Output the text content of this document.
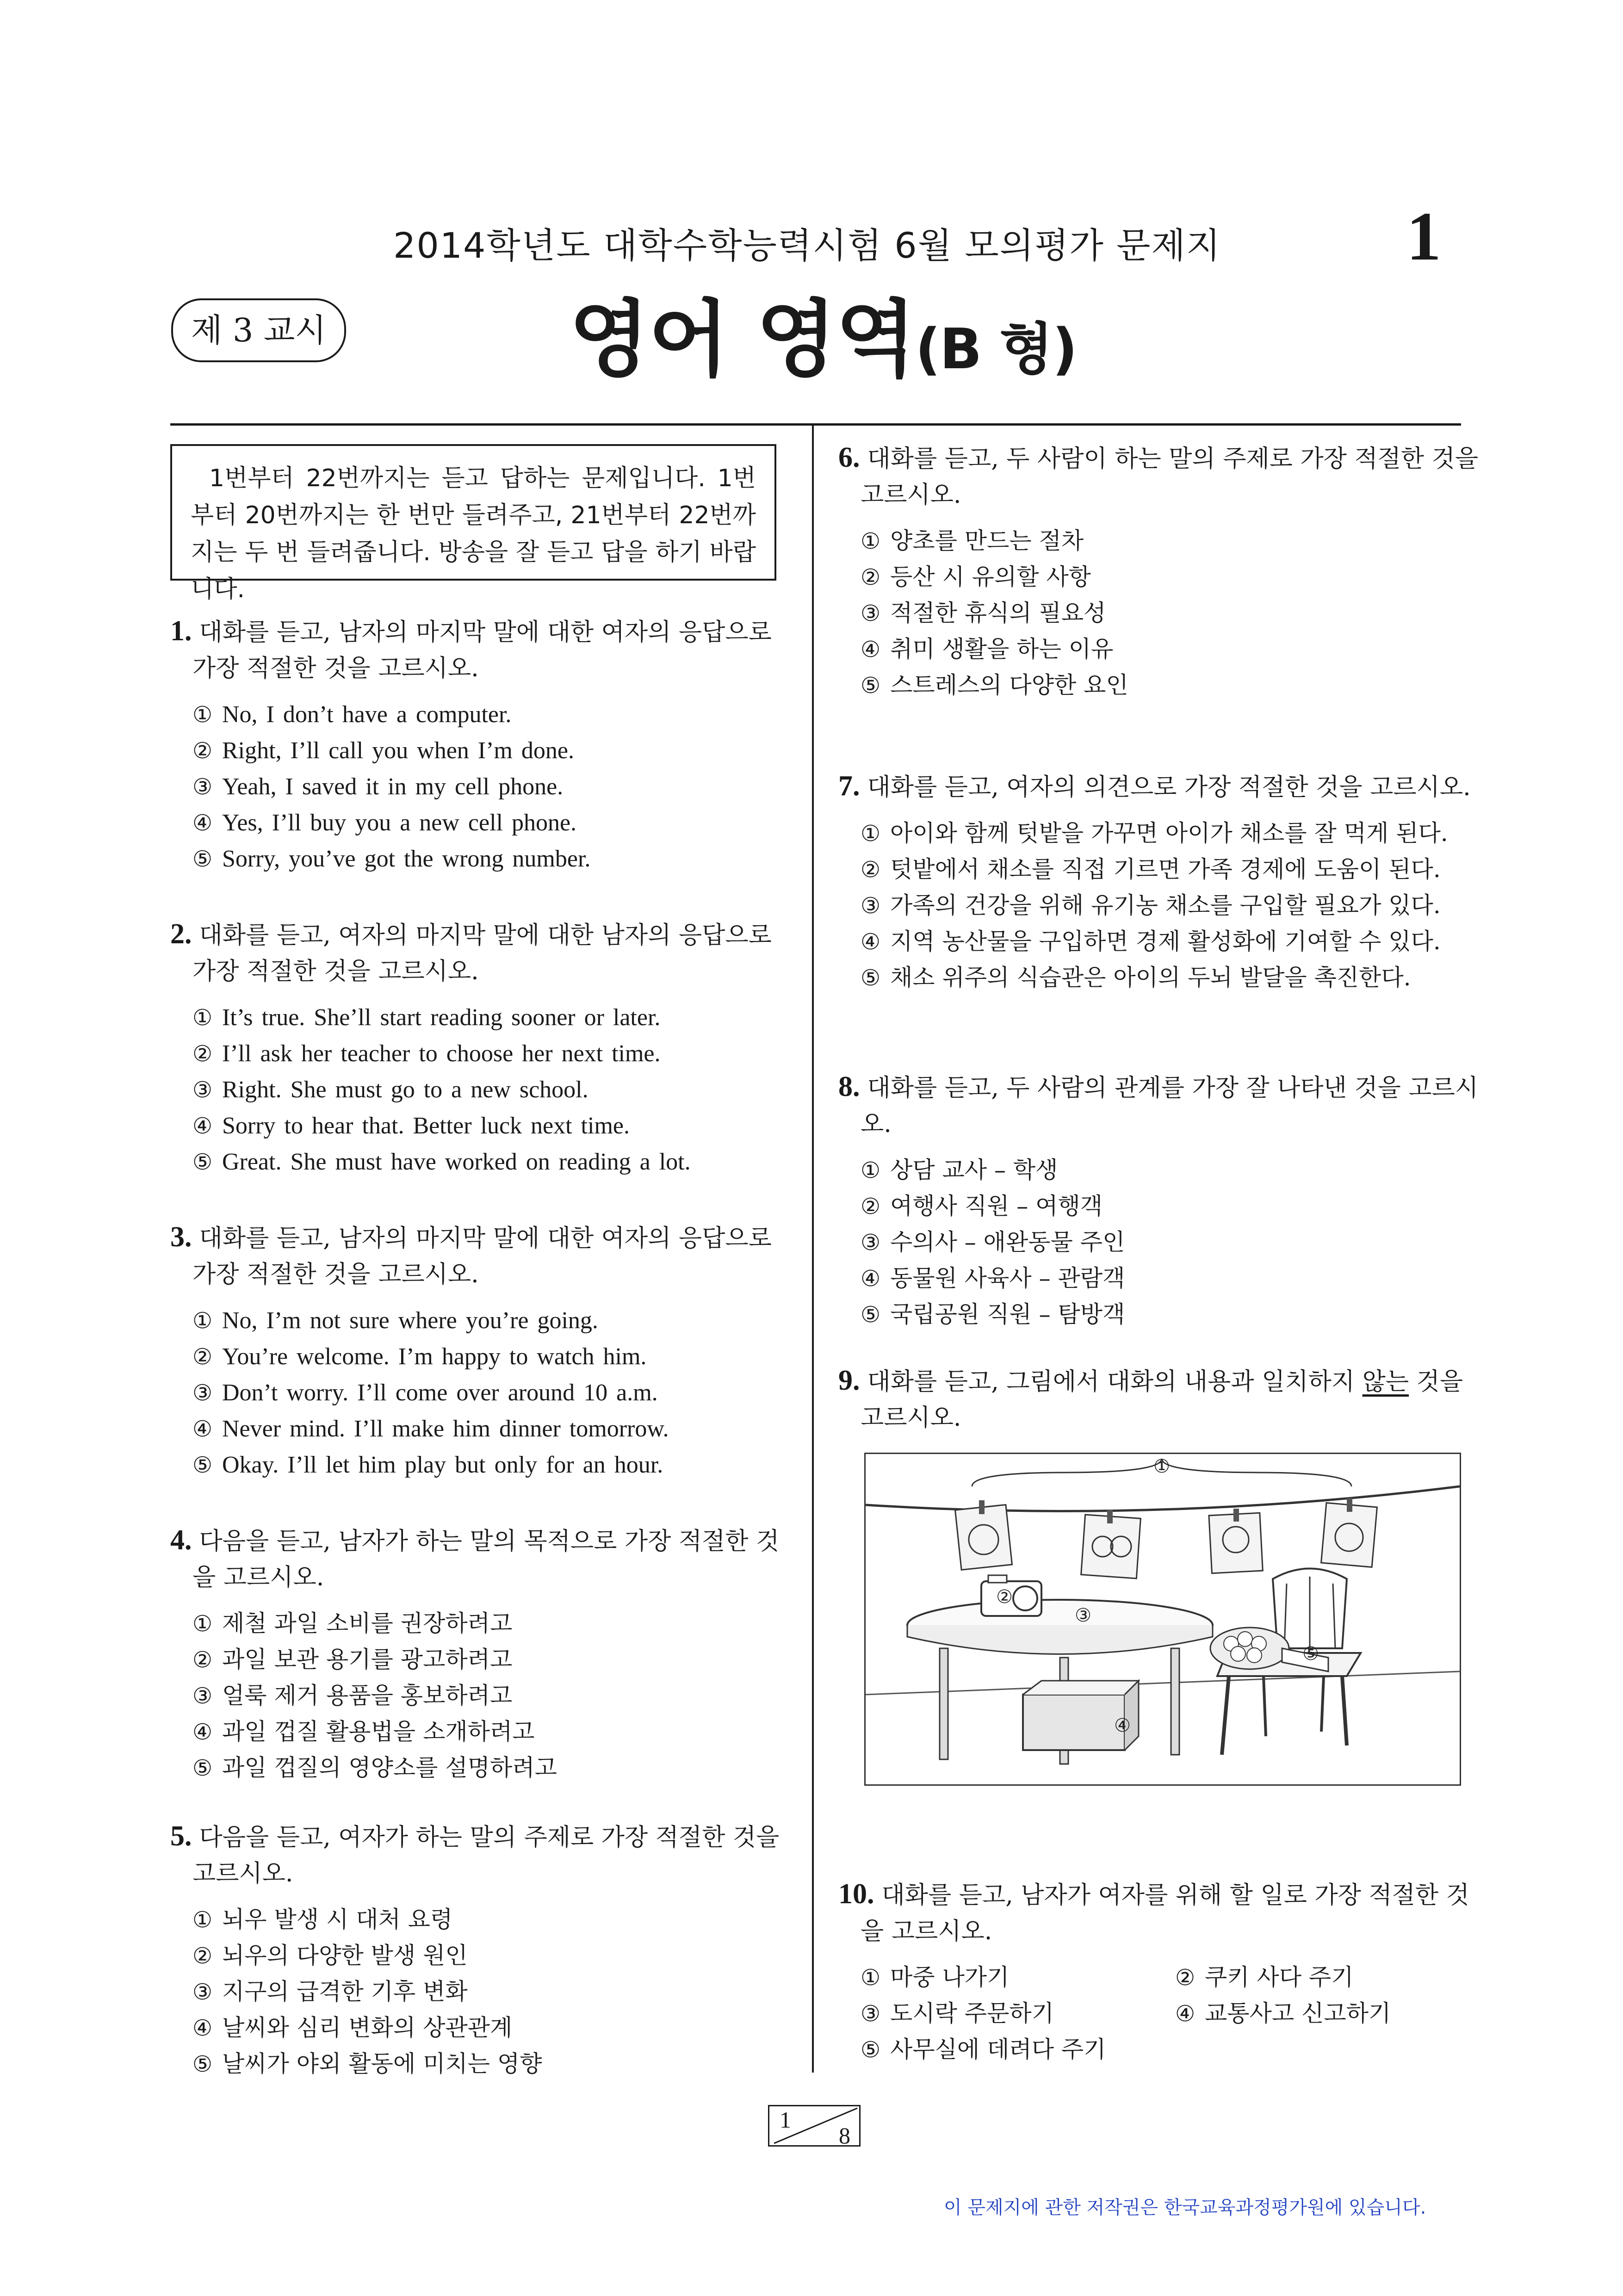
2014학년도 대학수학능력시험 6월 모의평가 문제지	1
제 3 교시	영어 영역(B 형)
1번부터 22번까지는 듣고 답하는 문제입니다. 1번부터 20번까지는 한 번만 들려주고, 21번부터 22번까지는 두 번 들려줍니다. 방송을 잘 듣고 답을 하기 바랍니다.
1. 대화를 듣고, 남자의 마지막 말에 대한 여자의 응답으로 가장 적절한 것을 고르시오.
① No, I don’t have a computer.
② Right, I’ll call you when I’m done.
③ Yeah, I saved it in my cell phone.
④ Yes, I’ll buy you a new cell phone.
⑤ Sorry, you’ve got the wrong number.
2. 대화를 듣고, 여자의 마지막 말에 대한 남자의 응답으로 가장 적절한 것을 고르시오.
① It’s true. She’ll start reading sooner or later.
② I’ll ask her teacher to choose her next time.
③ Right. She must go to a new school.
④ Sorry to hear that. Better luck next time.
⑤ Great. She must have worked on reading a lot.
3. 대화를 듣고, 남자의 마지막 말에 대한 여자의 응답으로 가장 적절한 것을 고르시오.
① No, I’m not sure where you’re going.
② You’re welcome. I’m happy to watch him.
③ Don’t worry. I’ll come over around 10 a.m.
④ Never mind. I’ll make him dinner tomorrow.
⑤ Okay. I’ll let him play but only for an hour.
4. 다음을 듣고, 남자가 하는 말의 목적으로 가장 적절한 것을 고르시오.
① 제철 과일 소비를 권장하려고
② 과일 보관 용기를 광고하려고
③ 얼룩 제거 용품을 홍보하려고
④ 과일 껍질 활용법을 소개하려고
⑤ 과일 껍질의 영양소를 설명하려고
5. 다음을 듣고, 여자가 하는 말의 주제로 가장 적절한 것을 고르시오.
① 뇌우 발생 시 대처 요령
② 뇌우의 다양한 발생 원인
③ 지구의 급격한 기후 변화
④ 날씨와 심리 변화의 상관관계
⑤ 날씨가 야외 활동에 미치는 영향
6. 대화를 듣고, 두 사람이 하는 말의 주제로 가장 적절한 것을 고르시오.
① 양초를 만드는 절차
② 등산 시 유의할 사항
③ 적절한 휴식의 필요성
④ 취미 생활을 하는 이유
⑤ 스트레스의 다양한 요인
7. 대화를 듣고, 여자의 의견으로 가장 적절한 것을 고르시오.
① 아이와 함께 텃밭을 가꾸면 아이가 채소를 잘 먹게 된다.
② 텃밭에서 채소를 직접 기르면 가족 경제에 도움이 된다.
③ 가족의 건강을 위해 유기농 채소를 구입할 필요가 있다.
④ 지역 농산물을 구입하면 경제 활성화에 기여할 수 있다.
⑤ 채소 위주의 식습관은 아이의 두뇌 발달을 촉진한다.
8. 대화를 듣고, 두 사람의 관계를 가장 잘 나타낸 것을 고르시오.
① 상담 교사 – 학생
② 여행사 직원 – 여행객
③ 수의사 – 애완동물 주인
④ 동물원 사육사 – 관람객
⑤ 국립공원 직원 – 탐방객
9. 대화를 듣고, 그림에서 대화의 내용과 일치하지 않는 것을 고르시오.
①
②
③
④
⑤
10. 대화를 듣고, 남자가 여자를 위해 할 일로 가장 적절한 것을 고르시오.
① 마중 나가기	② 쿠키 사다 주기
③ 도시락 주문하기	④ 교통사고 신고하기
⑤ 사무실에 데려다 주기
1
8
이 문제지에 관한 저작권은 한국교육과정평가원에 있습니다.
